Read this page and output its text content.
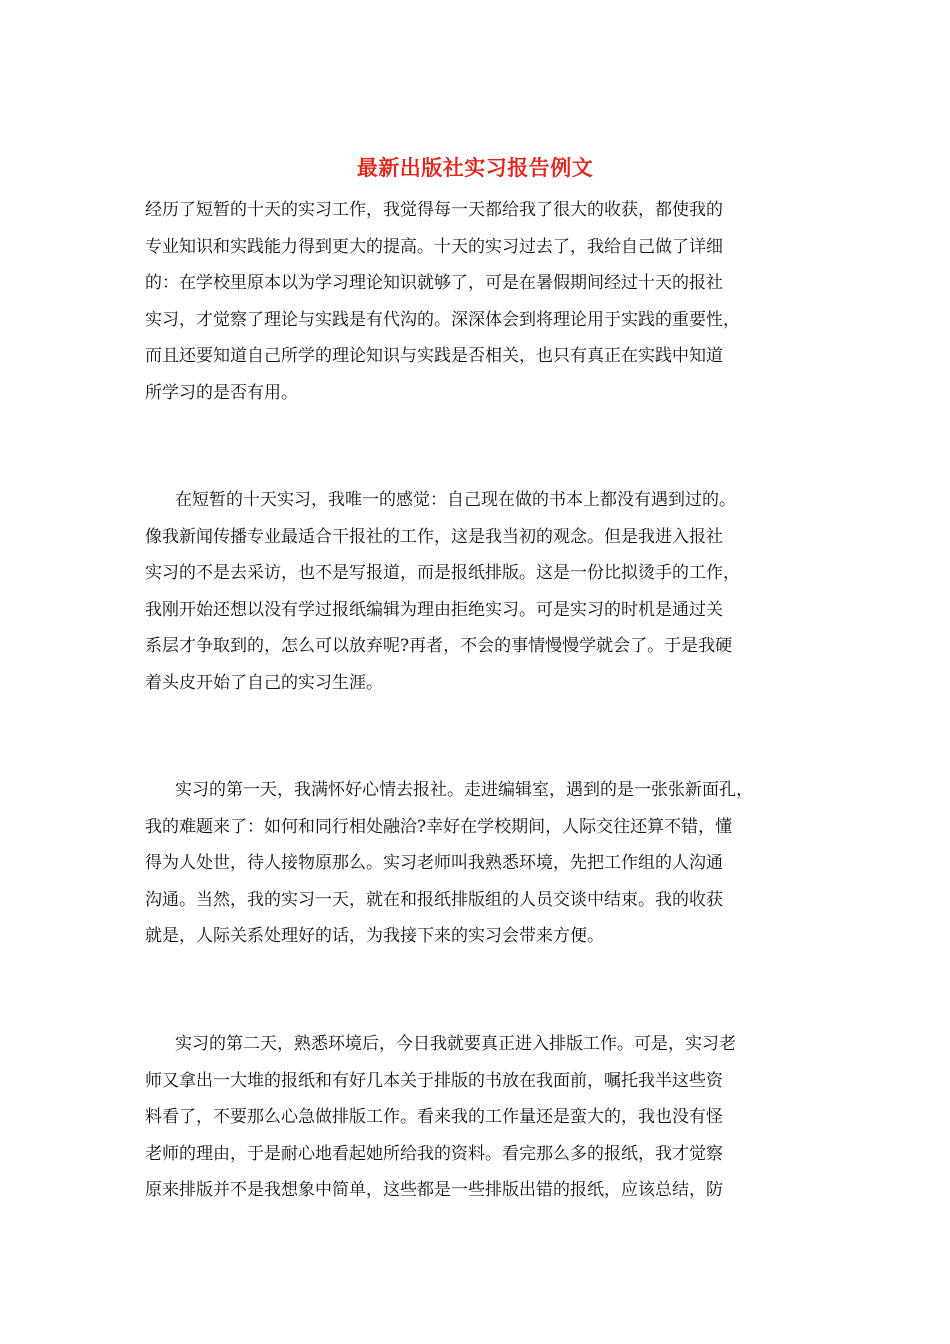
最新出版社实习报告例文
经历了短暂的十天的实习工作，我觉得每一天都给我了很大的收获，都使我的
专业知识和实践能力得到更大的提高。十天的实习过去了，我给自己做了详细
的：在学校里原本以为学习理论知识就够了，可是在暑假期间经过十天的报社
实习，才觉察了理论与实践是有代沟的。深深体会到将理论用于实践的重要性，
而且还要知道自己所学的理论知识与实践是否相关，也只有真正在实践中知道
所学习的是否有用。
在短暂的十天实习，我唯一的感觉：自己现在做的书本上都没有遇到过的。
像我新闻传播专业最适合干报社的工作，这是我当初的观念。但是我进入报社
实习的不是去采访，也不是写报道，而是报纸排版。这是一份比拟烫手的工作，
我刚开始还想以没有学过报纸编辑为理由拒绝实习。可是实习的时机是通过关
系层才争取到的，怎么可以放弃呢?再者，不会的事情慢慢学就会了。于是我硬
着头皮开始了自己的实习生涯。
实习的第一天，我满怀好心情去报社。走进编辑室，遇到的是一张张新面孔，
我的难题来了：如何和同行相处融洽?幸好在学校期间，人际交往还算不错，懂
得为人处世，待人接物原那么。实习老师叫我熟悉环境，先把工作组的人沟通
沟通。当然，我的实习一天，就在和报纸排版组的人员交谈中结束。我的收获
就是，人际关系处理好的话，为我接下来的实习会带来方便。
实习的第二天，熟悉环境后，今日我就要真正进入排版工作。可是，实习老
师又拿出一大堆的报纸和有好几本关于排版的书放在我面前，嘱托我半这些资
料看了，不要那么心急做排版工作。看来我的工作量还是蛮大的，我也没有怪
老师的理由，于是耐心地看起她所给我的资料。看完那么多的报纸，我才觉察
原来排版并不是我想象中简单，这些都是一些排版出错的报纸，应该总结，防
